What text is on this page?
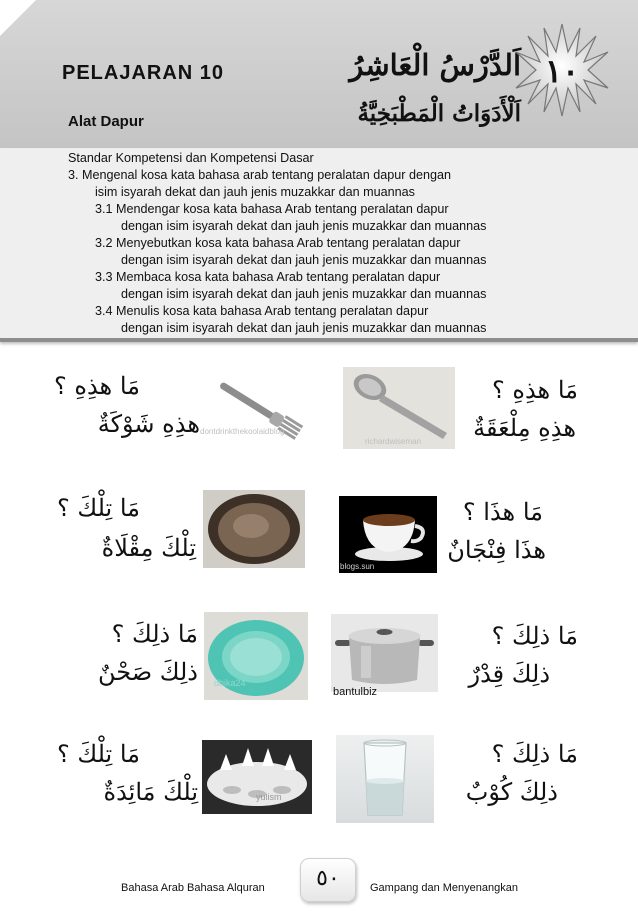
PELAJARAN 10
Alat Dapur
اَلدَّرْسُ الْعَاشِرُ
اَلْأَدَوَاتُ الْمَطْبَخِيَّةُ
١٠
Standar Kompetensi dan Kompetensi Dasar
3. Mengenal kosa kata bahasa arab tentang peralatan dapur dengan
isim isyarah dekat dan jauh jenis muzakkar dan muannas
3.1 Mendengar kosa kata bahasa Arab tentang peralatan dapur
dengan isim isyarah dekat dan jauh jenis muzakkar dan muannas
3.2 Menyebutkan kosa kata bahasa Arab tentang peralatan dapur
dengan isim isyarah dekat dan jauh jenis muzakkar dan muannas
3.3 Membaca kosa kata bahasa Arab tentang peralatan dapur
dengan isim isyarah dekat dan jauh jenis muzakkar dan muannas
3.4 Menulis kosa kata bahasa Arab tentang peralatan dapur
dengan isim isyarah dekat dan jauh jenis muzakkar dan muannas
مَا هذِهِ ؟
هذِهِ شَوْكَةٌ dontdrinkthekoolaidblog
richardwiseman
مَا هذِهِ ؟
هذِهِ مِلْعَقَةٌ
مَا تِلْكَ ؟
تِلْكَ مِقْلَاةٌ
blogs.sun
مَا هذَا ؟
هذَا فِنْجَانٌ
مَا ذلِكَ ؟
ذلِكَ صَحْنٌ dhika24
bantulbiz
مَا ذلِكَ ؟
ذلِكَ قِدْرٌ
مَا تِلْكَ ؟
تِلْكَ مَائِدَةٌ	yulism
مَا ذلِكَ ؟
ذلِكَ كُوْبٌ
Bahasa Arab Bahasa Alquran	٥٠	Gampang dan Menyenangkan
